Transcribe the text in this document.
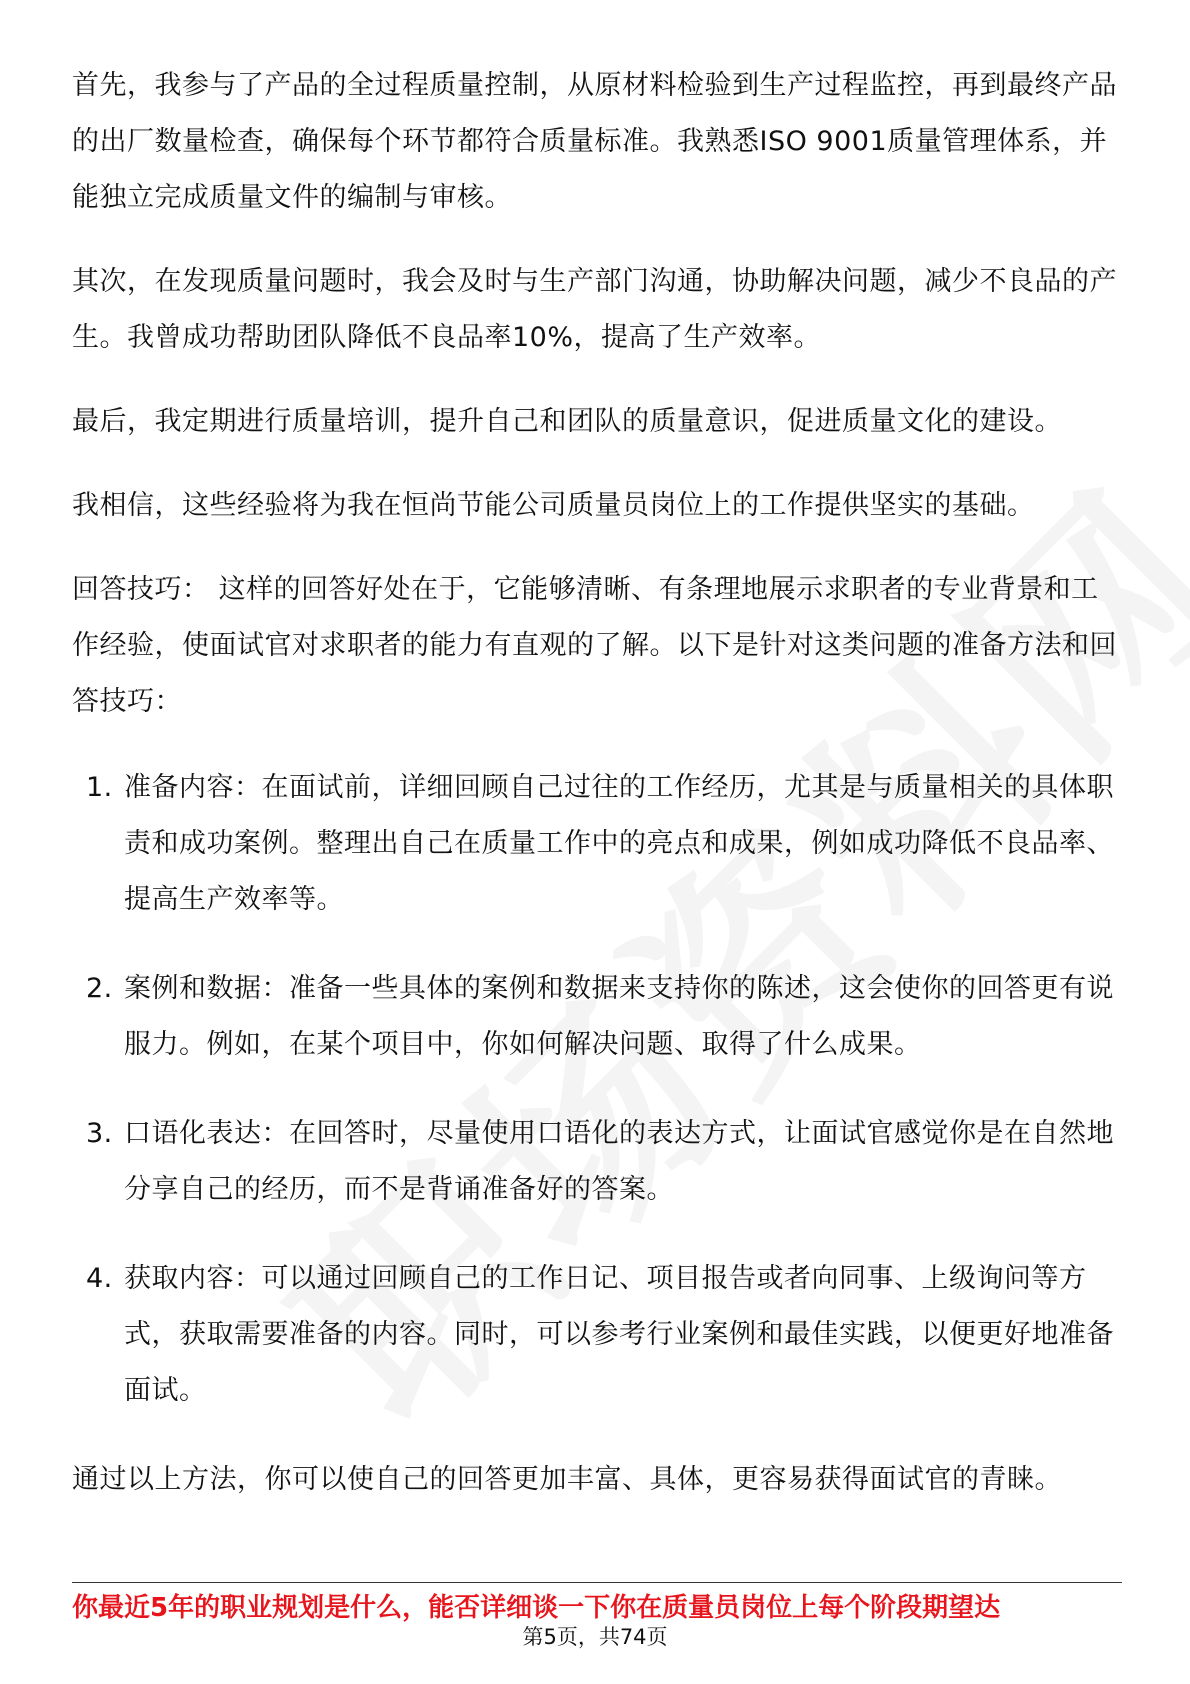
首先，我参与了产品的全过程质量控制，从原材料检验到生产过程监控，再到最终产品的出厂数量检查，确保每个环节都符合质量标准。我熟悉ISO 9001质量管理体系，并能独立完成质量文件的编制与审核。

其次，在发现质量问题时，我会及时与生产部门沟通，协助解决问题，减少不良品的产生。我曾成功帮助团队降低不良品率10%，提高了生产效率。

最后，我定期进行质量培训，提升自己和团队的质量意识，促进质量文化的建设。

我相信，这些经验将为我在恒尚节能公司质量员岗位上的工作提供坚实的基础。

回答技巧： 这样的回答好处在于，它能够清晰、有条理地展示求职者的专业背景和工作经验，使面试官对求职者的能力有直观的了解。以下是针对这类问题的准备方法和回答技巧：

1. 准备内容：在面试前，详细回顾自己过往的工作经历，尤其是与质量相关的具体职责和成功案例。整理出自己在质量工作中的亮点和成果，例如成功降低不良品率、提高生产效率等。
2. 案例和数据：准备一些具体的案例和数据来支持你的陈述，这会使你的回答更有说服力。例如，在某个项目中，你如何解决问题、取得了什么成果。
3. 口语化表达：在回答时，尽量使用口语化的表达方式，让面试官感觉你是在自然地分享自己的经历，而不是背诵准备好的答案。
4. 获取内容：可以通过回顾自己的工作日记、项目报告或者向同事、上级询问等方式，获取需要准备的内容。同时，可以参考行业案例和最佳实践，以便更好地准备面试。

通过以上方法，你可以使自己的回答更加丰富、具体，更容易获得面试官的青睐。

你最近5年的职业规划是什么，能否详细谈一下你在质量员岗位上每个阶段期望达
第5页，共74页
